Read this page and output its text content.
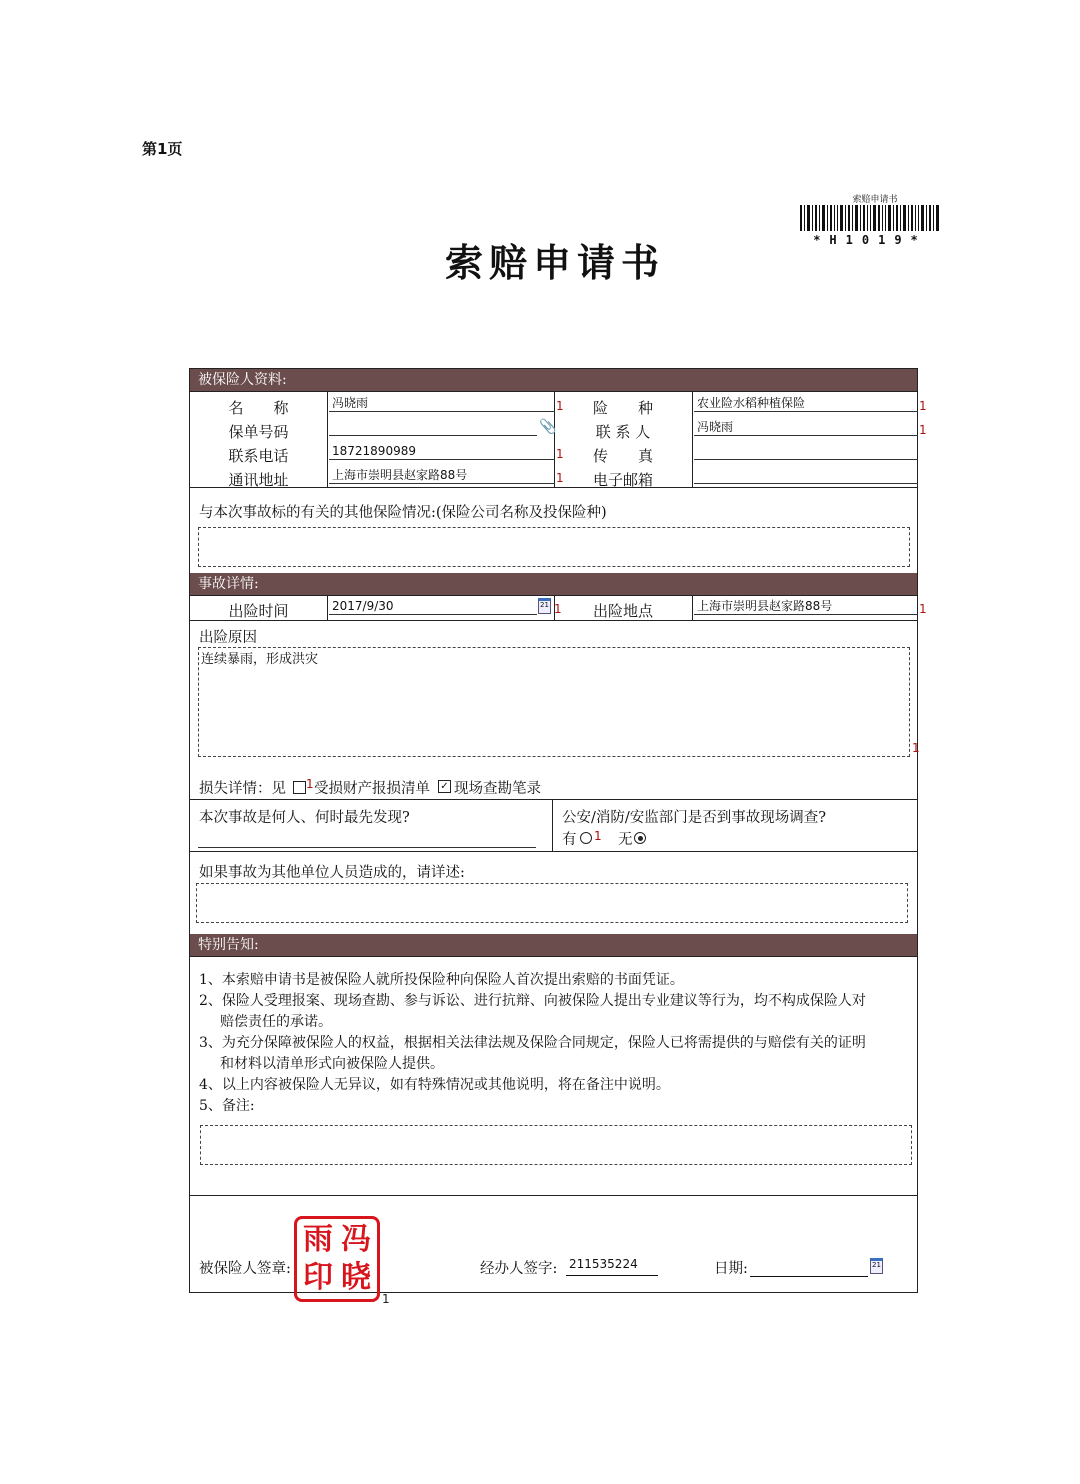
第1页
索赔申请书
*H1019*
索赔申请书
被保险人资料:
名　　称	冯晓雨	1	险　　种	农业险水稻种植保险	1
保单号码	📎	联 系 人	冯晓雨	1
联系电话	18721890989	1	传　　真
通讯地址	上海市崇明县赵家路88号	1	电子邮箱
与本次事故标的有关的其他保险情况:(保险公司名称及投保险种)
事故详情:
出险时间	2017/9/30	21 1	出险地点	上海市崇明县赵家路88号	1
出险原因
连续暴雨，形成洪灾
1
损失详情：见 1 受损财产报损清单 ✓ 现场查勘笔录
本次事故是何人、何时最先发现?	公安/消防/安监部门是否到事故现场调查?
有 1 无
如果事故为其他单位人员造成的，请详述:
特别告知:

1、本索赔申请书是被保险人就所投保险种向保险人首次提出索赔的书面凭证。

2、保险人受理报案、现场查勘、参与诉讼、进行抗辩、向被保险人提出专业建议等行为，均不构成保险人对

赔偿责任的承诺。

3、为充分保障被保险人的权益，根据相关法律法规及保险合同规定，保险人已将需提供的与赔偿有关的证明

和材料以清单形式向被保险人提供。

4、以上内容被保险人无异议，如有特殊情况或其他说明，将在备注中说明。

5、备注:

被保险人签章:	经办人签字: 211535224	日期:	21
冯
雨
晓
印
1
